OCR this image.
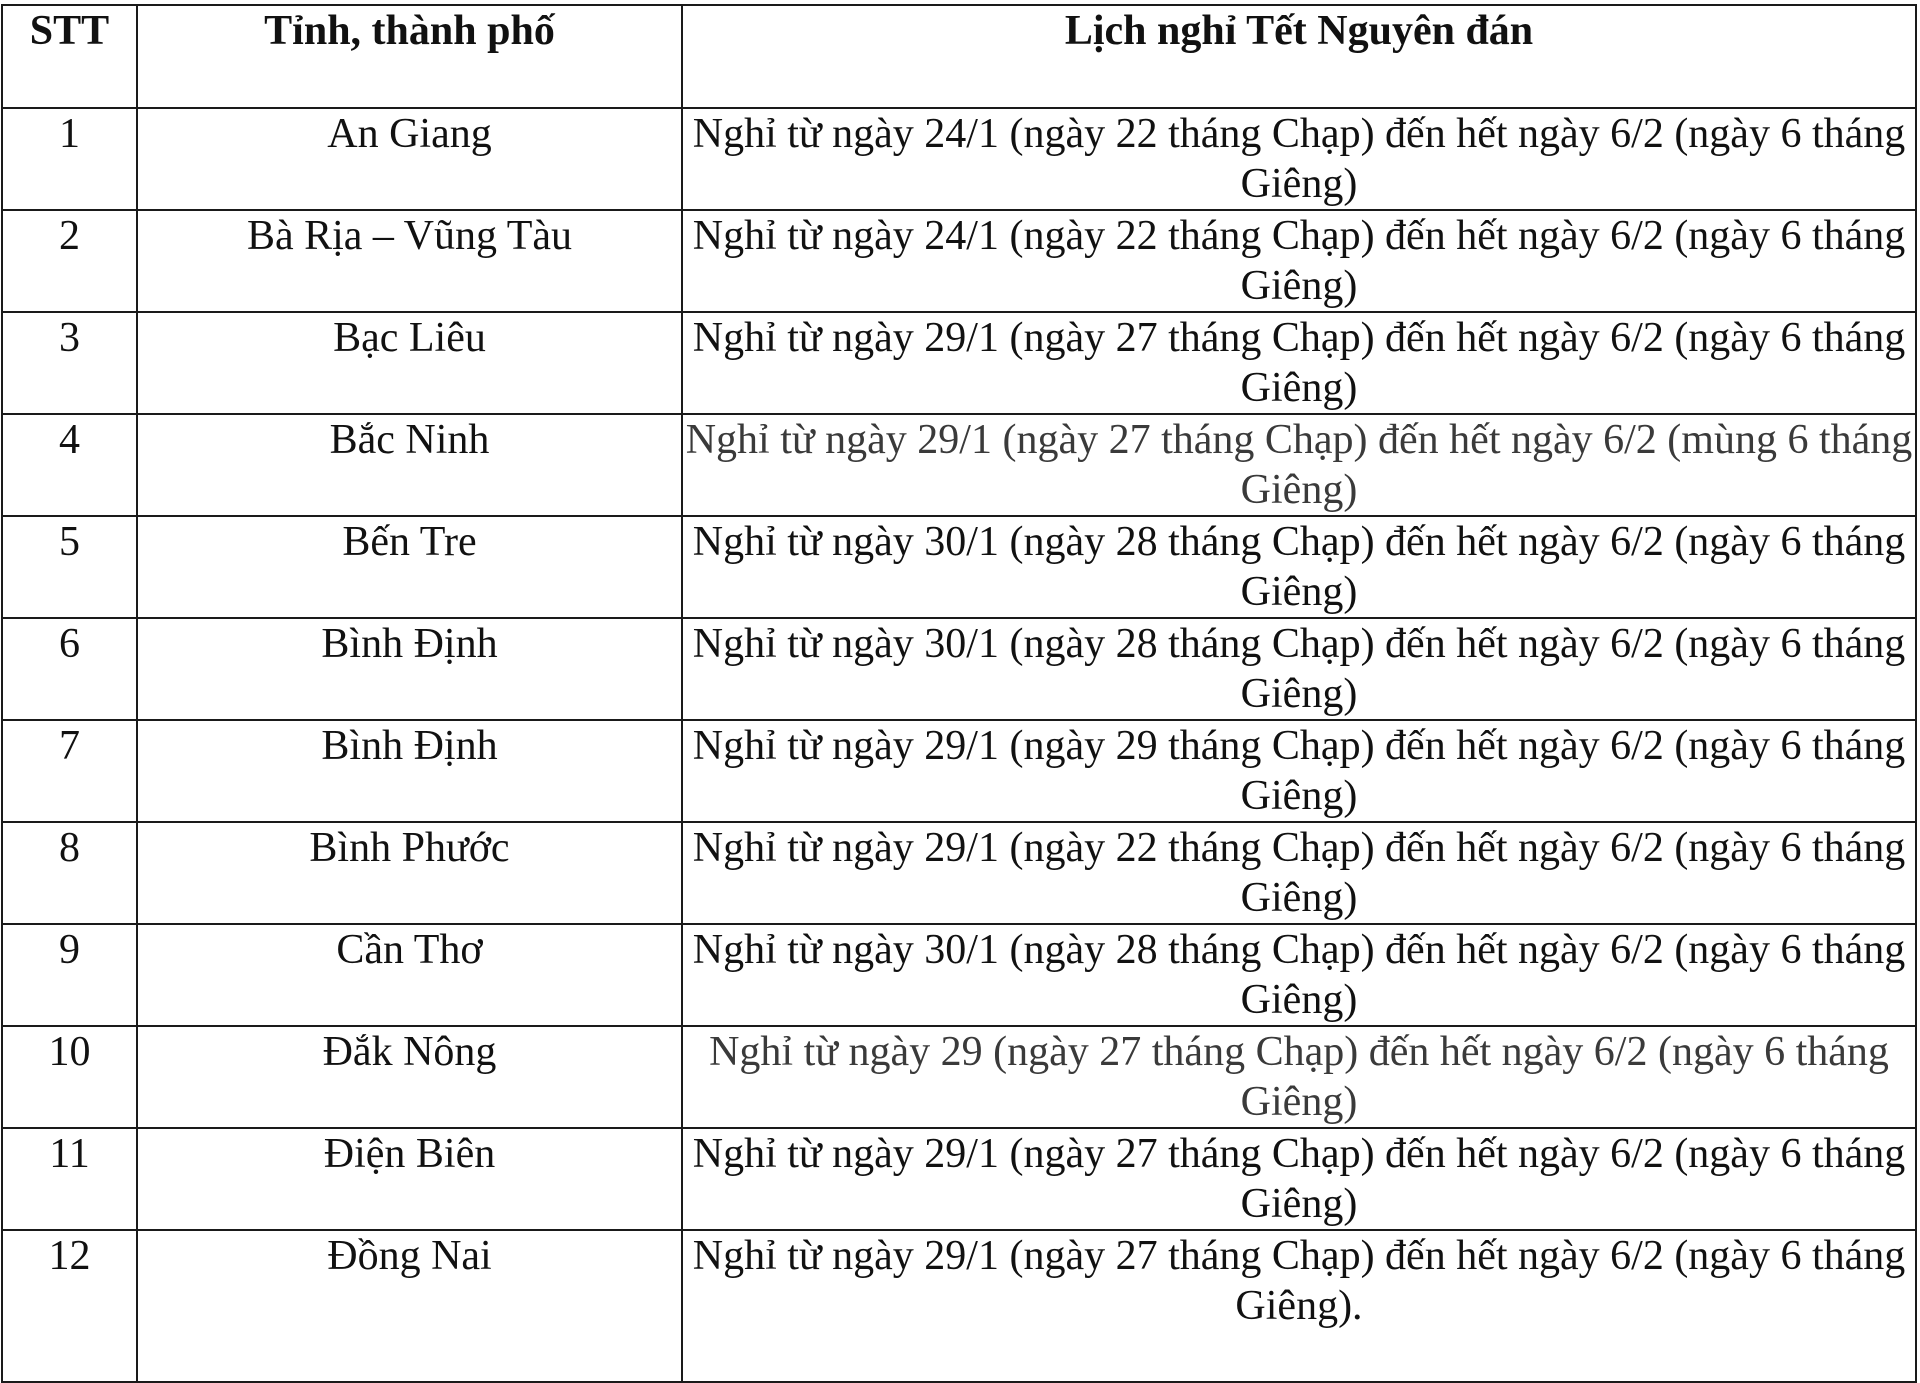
STT	Tỉnh, thành phố	Lịch nghỉ Tết Nguyên đán
1	An Giang	Nghỉ từ ngày 24/1 (ngày 22 tháng Chạp) đến hết ngày 6/2 (ngày 6 tháng Giêng)
2	Bà Rịa – Vũng Tàu	Nghỉ từ ngày 24/1 (ngày 22 tháng Chạp) đến hết ngày 6/2 (ngày 6 tháng Giêng)
3	Bạc Liêu	Nghỉ từ ngày 29/1 (ngày 27 tháng Chạp) đến hết ngày 6/2 (ngày 6 tháng Giêng)
4	Bắc Ninh	Nghỉ từ ngày 29/1 (ngày 27 tháng Chạp) đến hết ngày 6/2 (mùng 6 tháng Giêng)
5	Bến Tre	Nghỉ từ ngày 30/1 (ngày 28 tháng Chạp) đến hết ngày 6/2 (ngày 6 tháng Giêng)
6	Bình Định	Nghỉ từ ngày 30/1 (ngày 28 tháng Chạp) đến hết ngày 6/2 (ngày 6 tháng Giêng)
7	Bình Định	Nghỉ từ ngày 29/1 (ngày 29 tháng Chạp) đến hết ngày 6/2 (ngày 6 tháng Giêng)
8	Bình Phước	Nghỉ từ ngày 29/1 (ngày 22 tháng Chạp) đến hết ngày 6/2 (ngày 6 tháng Giêng)
9	Cần Thơ	Nghỉ từ ngày 30/1 (ngày 28 tháng Chạp) đến hết ngày 6/2 (ngày 6 tháng Giêng)
10	Đắk Nông	Nghỉ từ ngày 29 (ngày 27 tháng Chạp) đến hết ngày 6/2 (ngày 6 tháng Giêng)
11	Điện Biên	Nghỉ từ ngày 29/1 (ngày 27 tháng Chạp) đến hết ngày 6/2 (ngày 6 tháng Giêng)
12	Đồng Nai	Nghỉ từ ngày 29/1 (ngày 27 tháng Chạp) đến hết ngày 6/2 (ngày 6 tháng Giêng).
